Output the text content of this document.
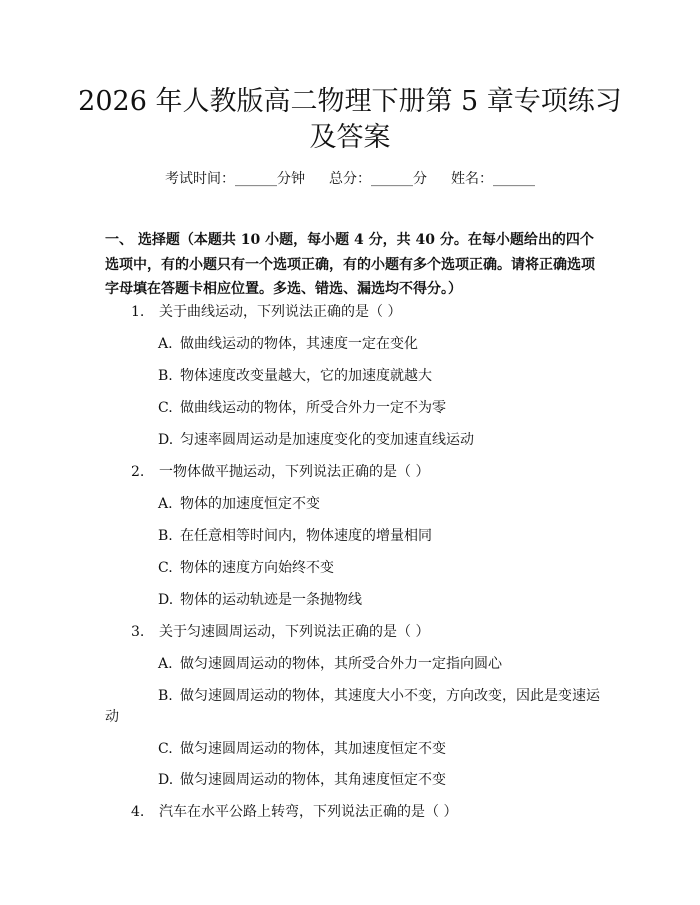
2026 年人教版高二物理下册第 5 章专项练习
及答案
考试时间：______分钟 总分：______分 姓名：______

一、 选择题（本题共 10 小题，每小题 4 分，共 40 分。在每小题给出的四个选项中，有的小题只有一个选项正确，有的小题有多个选项正确。请将正确选项字母填在答题卡相应位置。多选、错选、漏选均不得分。）

1. 关于曲线运动，下列说法正确的是（ ）
A. 做曲线运动的物体，其速度一定在变化
B. 物体速度改变量越大，它的加速度就越大
C. 做曲线运动的物体，所受合外力一定不为零
D. 匀速率圆周运动是加速度变化的变加速直线运动
2. 一物体做平抛运动，下列说法正确的是（ ）
A. 物体的加速度恒定不变
B. 在任意相等时间内，物体速度的增量相同
C. 物体的速度方向始终不变
D. 物体的运动轨迹是一条抛物线
3. 关于匀速圆周运动，下列说法正确的是（ ）
A. 做匀速圆周运动的物体，其所受合外力一定指向圆心
B. 做匀速圆周运动的物体，其速度大小不变，方向改变，因此是变速运
动
C. 做匀速圆周运动的物体，其加速度恒定不变
D. 做匀速圆周运动的物体，其角速度恒定不变
4. 汽车在水平公路上转弯，下列说法正确的是（ ）
